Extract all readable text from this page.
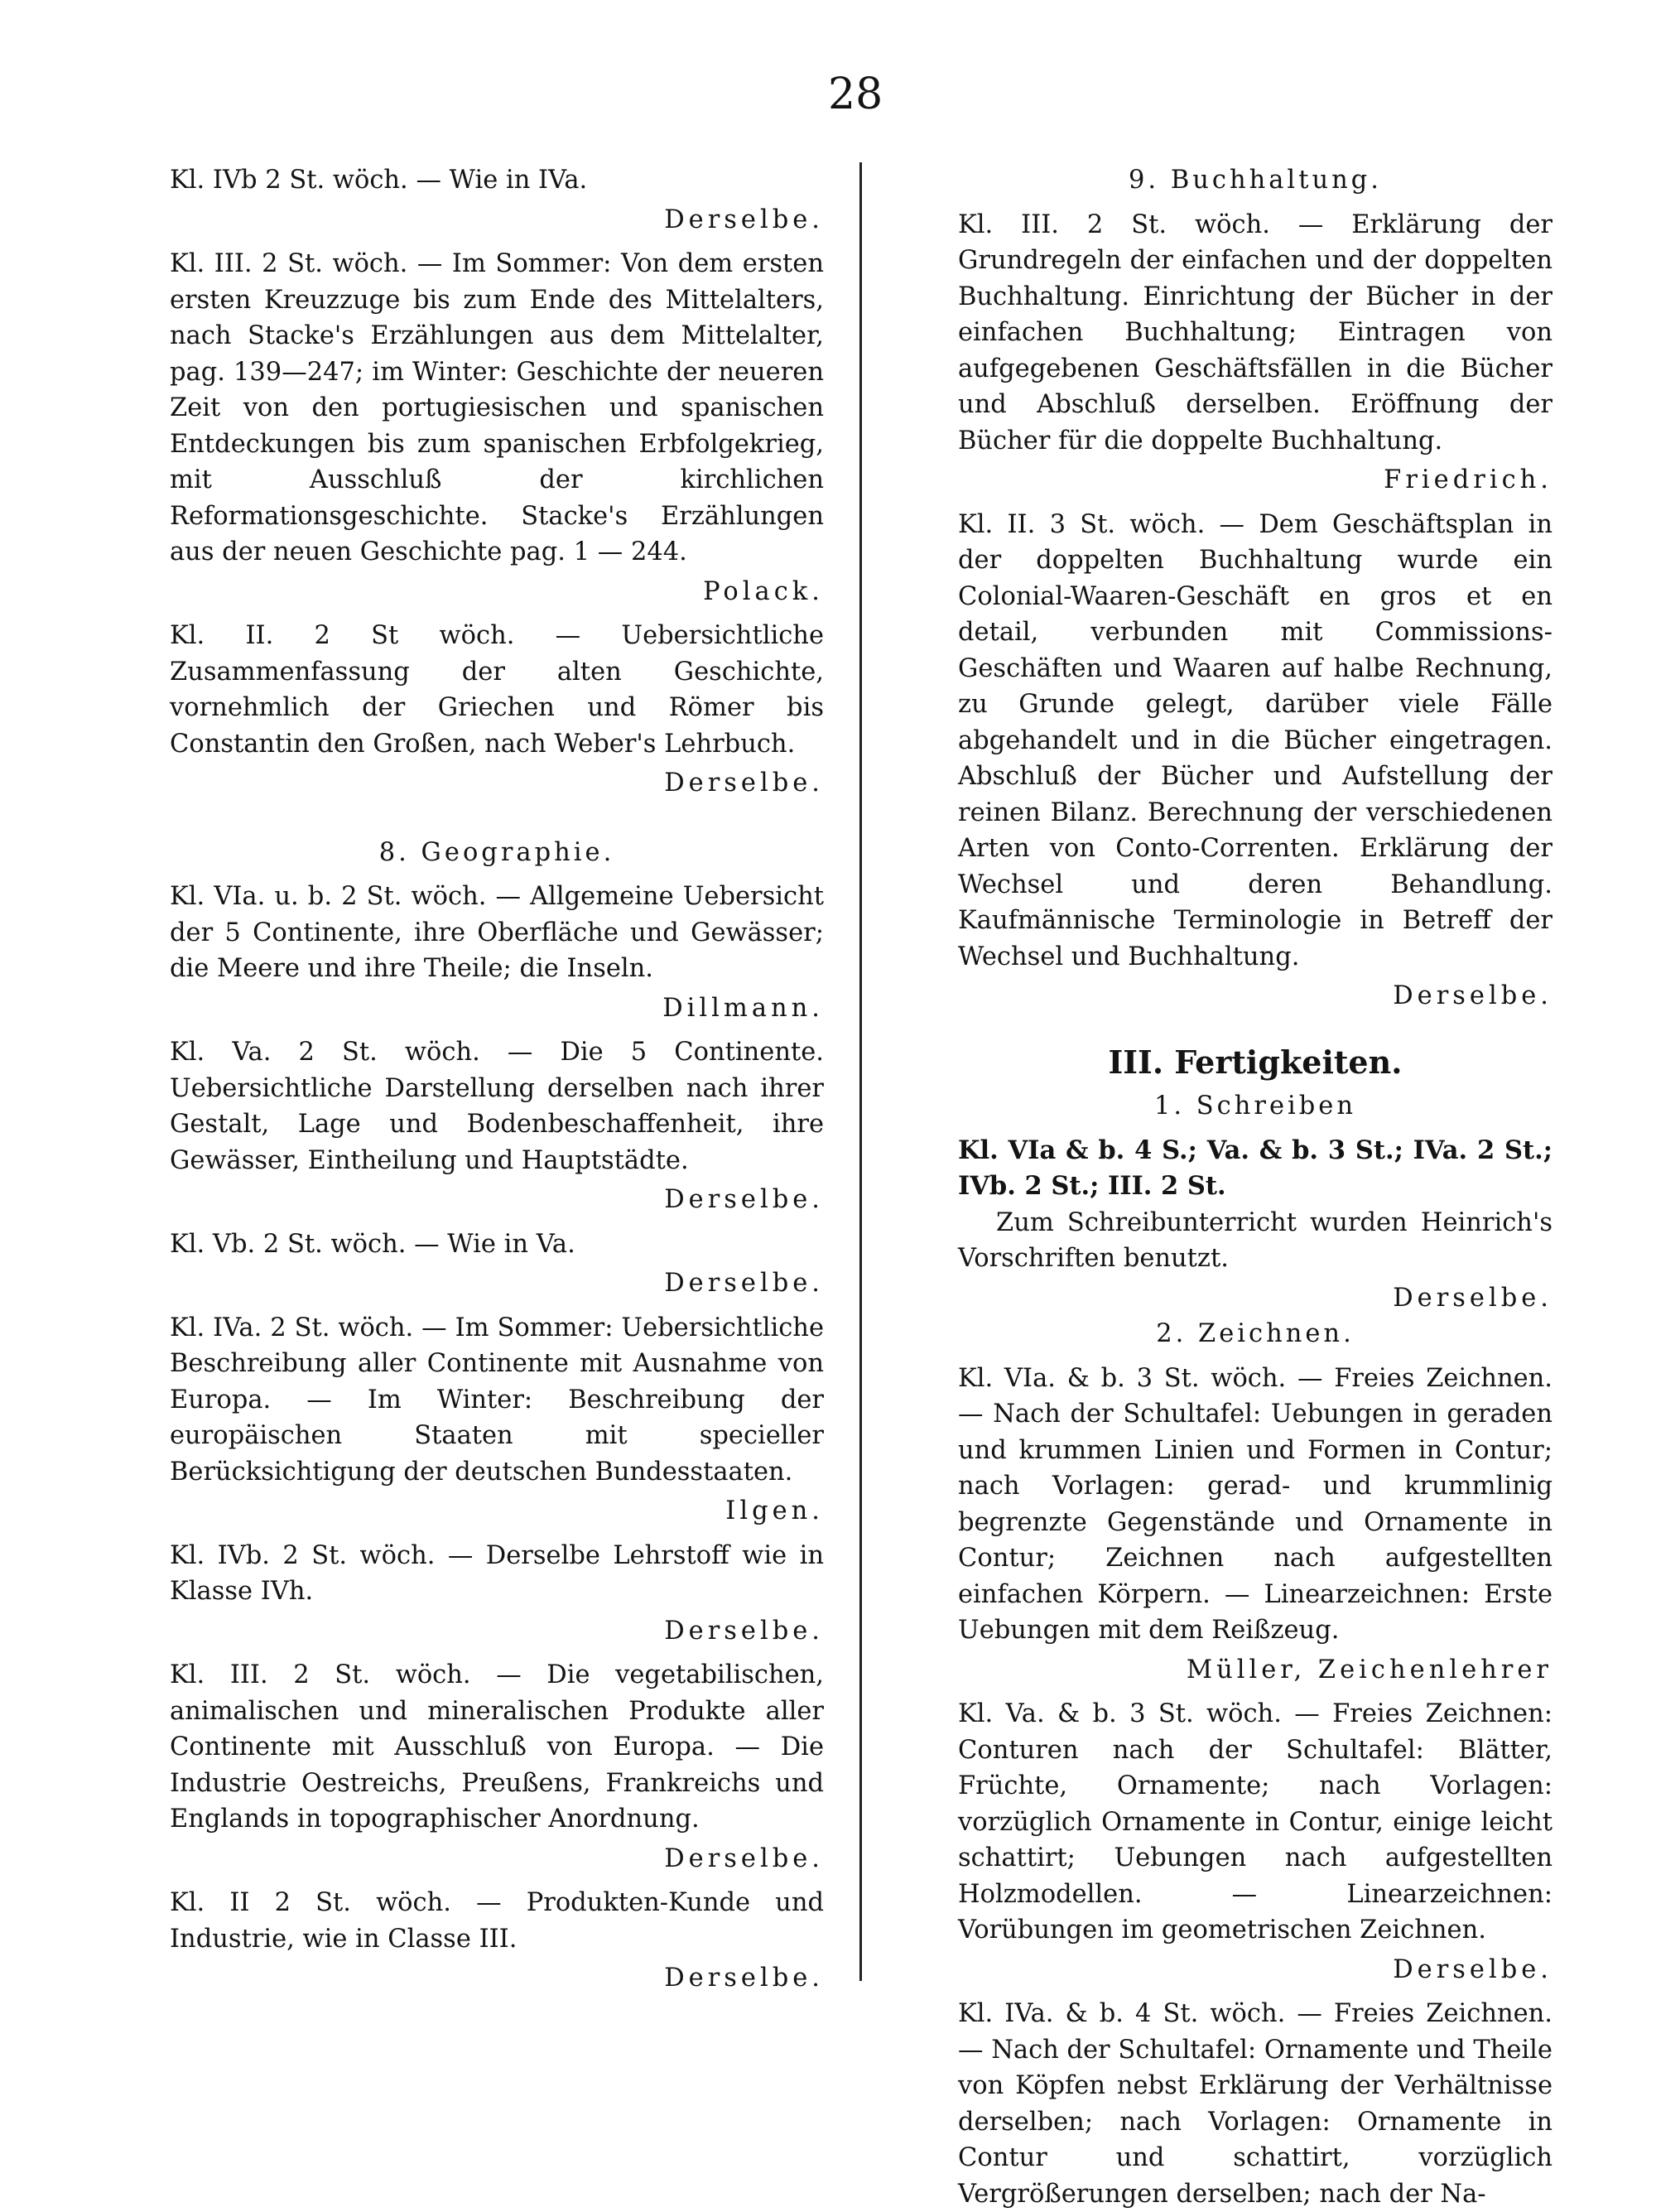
28

Kl. IVb 2 St. wöch. — Wie in IVa.

Derselbe.

Kl. III. 2 St. wöch. — Im Sommer: Von dem ersten ersten Kreuzzuge bis zum Ende des Mittelalters, nach Stacke's Erzählungen aus dem Mittelalter, pag. 139—247; im Winter: Geschichte der neueren Zeit von den portugiesischen und spanischen Entdeckungen bis zum spanischen Erbfolgekrieg, mit Ausschluß der kirchlichen Reformationsgeschichte. Stacke's Erzählungen aus der neuen Geschichte pag. 1 — 244.

Polack.

Kl. II. 2 St wöch. — Uebersichtliche Zusammenfassung der alten Geschichte, vornehmlich der Griechen und Römer bis Constantin den Großen, nach Weber's Lehrbuch.

Derselbe.
8. Geographie.

Kl. VIa. u. b. 2 St. wöch. — Allgemeine Uebersicht der 5 Continente, ihre Oberfläche und Gewässer; die Meere und ihre Theile; die Inseln.

Dillmann.

Kl. Va. 2 St. wöch. — Die 5 Continente. Uebersichtliche Darstellung derselben nach ihrer Gestalt, Lage und Bodenbeschaffenheit, ihre Gewässer, Eintheilung und Hauptstädte.

Derselbe.

Kl. Vb. 2 St. wöch. — Wie in Va.

Derselbe.

Kl. IVa. 2 St. wöch. — Im Sommer: Uebersichtliche Beschreibung aller Continente mit Ausnahme von Europa. — Im Winter: Beschreibung der europäischen Staaten mit specieller Berücksichtigung der deutschen Bundesstaaten.

Ilgen.

Kl. IVb. 2 St. wöch. — Derselbe Lehrstoff wie in Klasse IVh.

Derselbe.

Kl. III. 2 St. wöch. — Die vegetabilischen, animalischen und mineralischen Produkte aller Continente mit Ausschluß von Europa. — Die Industrie Oestreichs, Preußens, Frankreichs und Englands in topographischer Anordnung.

Derselbe.

Kl. II 2 St. wöch. — Produkten-Kunde und Industrie, wie in Classe III.

Derselbe.
9. Buchhaltung.

Kl. III. 2 St. wöch. — Erklärung der Grundregeln der einfachen und der doppelten Buchhaltung. Einrichtung der Bücher in der einfachen Buchhaltung; Eintragen von aufgegebenen Geschäftsfällen in die Bücher und Abschluß derselben. Eröffnung der Bücher für die doppelte Buchhaltung.

Friedrich.

Kl. II. 3 St. wöch. — Dem Geschäftsplan in der doppelten Buchhaltung wurde ein Colonial-Waaren-Geschäft en gros et en detail, verbunden mit Commissions-Geschäften und Waaren auf halbe Rechnung, zu Grunde gelegt, darüber viele Fälle abgehandelt und in die Bücher eingetragen. Abschluß der Bücher und Aufstellung der reinen Bilanz. Berechnung der verschiedenen Arten von Conto-Correnten. Erklärung der Wechsel und deren Behandlung. Kaufmännische Terminologie in Betreff der Wechsel und Buchhaltung.

Derselbe.
III. Fertigkeiten.
1. Schreiben

Kl. VIa & b. 4 S.; Va. & b. 3 St.; IVa. 2 St.; IVb. 2 St.; III. 2 St.

Zum Schreibunterricht wurden Heinrich's Vorschriften benutzt.

Derselbe.
2. Zeichnen.

Kl. VIa. & b. 3 St. wöch. — Freies Zeichnen. — Nach der Schultafel: Uebungen in geraden und krummen Linien und Formen in Contur; nach Vorlagen: gerad- und krummlinig begrenzte Gegenstände und Ornamente in Contur; Zeichnen nach aufgestellten einfachen Körpern. — Linearzeichnen: Erste Uebungen mit dem Reißzeug.

Müller, Zeichenlehrer

Kl. Va. & b. 3 St. wöch. — Freies Zeichnen: Conturen nach der Schultafel: Blätter, Früchte, Ornamente; nach Vorlagen: vorzüglich Ornamente in Contur, einige leicht schattirt; Uebungen nach aufgestellten Holzmodellen. — Linearzeichnen: Vorübungen im geometrischen Zeichnen.

Derselbe.

Kl. IVa. & b. 4 St. wöch. — Freies Zeichnen. — Nach der Schultafel: Ornamente und Theile von Köpfen nebst Erklärung der Verhältnisse derselben; nach Vorlagen: Ornamente in Contur und schattirt, vorzüglich Vergrößerungen derselben; nach der Na-
